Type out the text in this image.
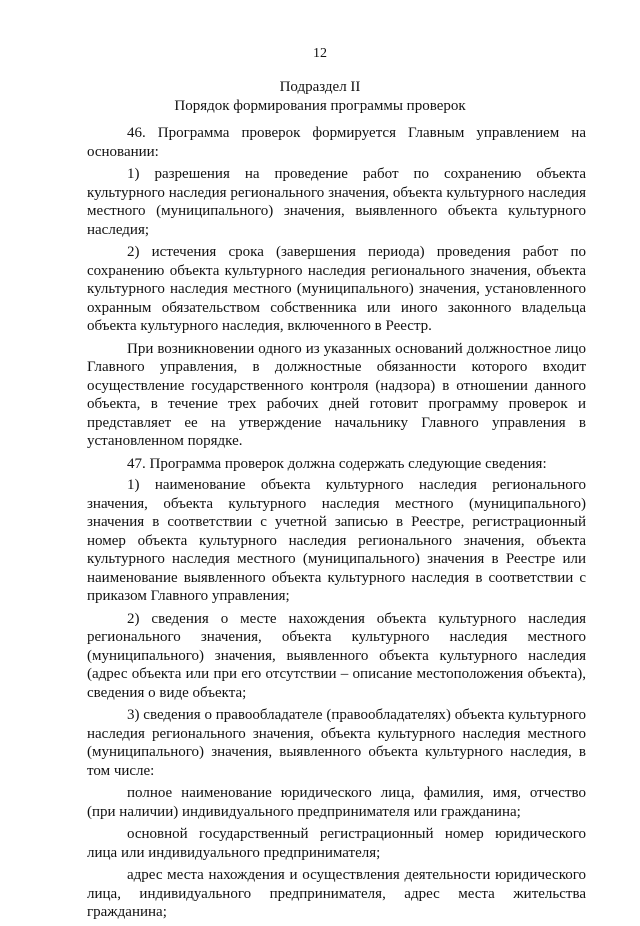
12
Подраздел II
Порядок формирования программы проверок

46. Программа проверок формируется Главным управлением на основании:

1) разрешения на проведение работ по сохранению объекта культурного наследия регионального значения, объекта культурного наследия местного (муниципального) значения, выявленного объекта культурного наследия;

2) истечения срока (завершения периода) проведения работ по сохранению объекта культурного наследия регионального значения, объекта культурного наследия местного (муниципального) значения, установленного охранным обязательством собственника или иного законного владельца объекта культурного наследия, включенного в Реестр.

При возникновении одного из указанных оснований должностное лицо Главного управления, в должностные обязанности которого входит осуществление государственного контроля (надзора) в отношении данного объекта, в течение трех рабочих дней готовит программу проверок и представляет ее на утверждение начальнику Главного управления в установленном порядке.

47. Программа проверок должна содержать следующие сведения:

1) наименование объекта культурного наследия регионального значения, объекта культурного наследия местного (муниципального) значения в соответствии с учетной записью в Реестре, регистрационный номер объекта культурного наследия регионального значения, объекта культурного наследия местного (муниципального) значения в Реестре или наименование выявленного объекта культурного наследия в соответствии с приказом Главного управления;

2) сведения о месте нахождения объекта культурного наследия регионального значения, объекта культурного наследия местного (муниципального) значения, выявленного объекта культурного наследия (адрес объекта или при его отсутствии – описание местоположения объекта), сведения о виде объекта;

3) сведения о правообладателе (правообладателях) объекта культурного наследия регионального значения, объекта культурного наследия местного (муниципального) значения, выявленного объекта культурного наследия, в том числе:

полное наименование юридического лица, фамилия, имя, отчество (при наличии) индивидуального предпринимателя или гражданина;

основной государственный регистрационный номер юридического лица или индивидуального предпринимателя;

адрес места нахождения и осуществления деятельности юридического лица, индивидуального предпринимателя, адрес места жительства гражданина;
